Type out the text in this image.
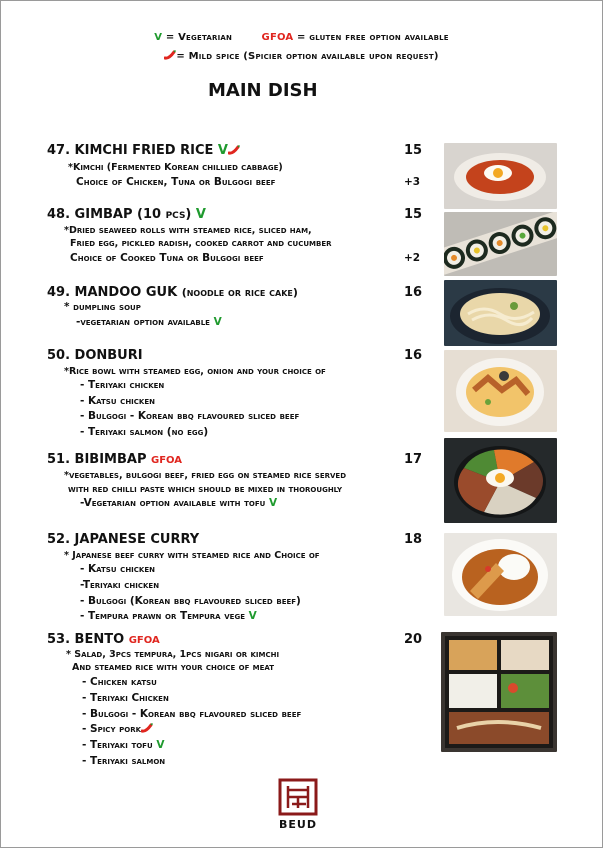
V = Vegetarian	GFOA = gluten free option available
= Mild spice (Spicier option available upon request)
MAIN DISH
47. KIMCHI FRIED RICE V	15
*Kimchi (Fermented Korean chillied cabbage)
Choice of Chicken, Tuna or Bulgogi beef	+3
48. GIMBAP (10 pcs) V	15
*Dried seaweed rolls with steamed rice, sliced ham,
Fried egg, pickled radish, cooked carrot and cucumber
Choice of Cooked Tuna or Bulgogi beef	+2
49. MANDOO GUK (noodle or rice cake)	16
* dumpling soup
-vegetarian option available V
50. DONBURI	16
*Rice bowl with steamed egg, onion and your choice of
- Teriyaki chicken
- Katsu chicken
- Bulgogi - Korean bbq flavoured sliced beef
- Teriyaki salmon (no egg)
51. BIBIMBAP GFOA	17
*vegetables, bulgogi beef, fried egg on steamed rice served
with red chilli paste which should be mixed in thoroughly
-Vegetarian option available with tofu V
52. JAPANESE CURRY	18
* Japanese beef curry with steamed rice and Choice of
- Katsu chicken
-Teriyaki chicken
- Bulgogi (Korean bbq flavoured sliced beef)
- Tempura prawn or Tempura vege V
53. BENTO GFOA	20
* Salad, 3pcs tempura, 1pcs nigari or kimchi
And steamed rice with your choice of meat
- Chicken katsu
- Teriyaki Chicken
- Bulgogi - Korean bbq flavoured sliced beef
- Spicy pork
- Teriyaki tofu V
- Teriyaki salmon
BEUD
